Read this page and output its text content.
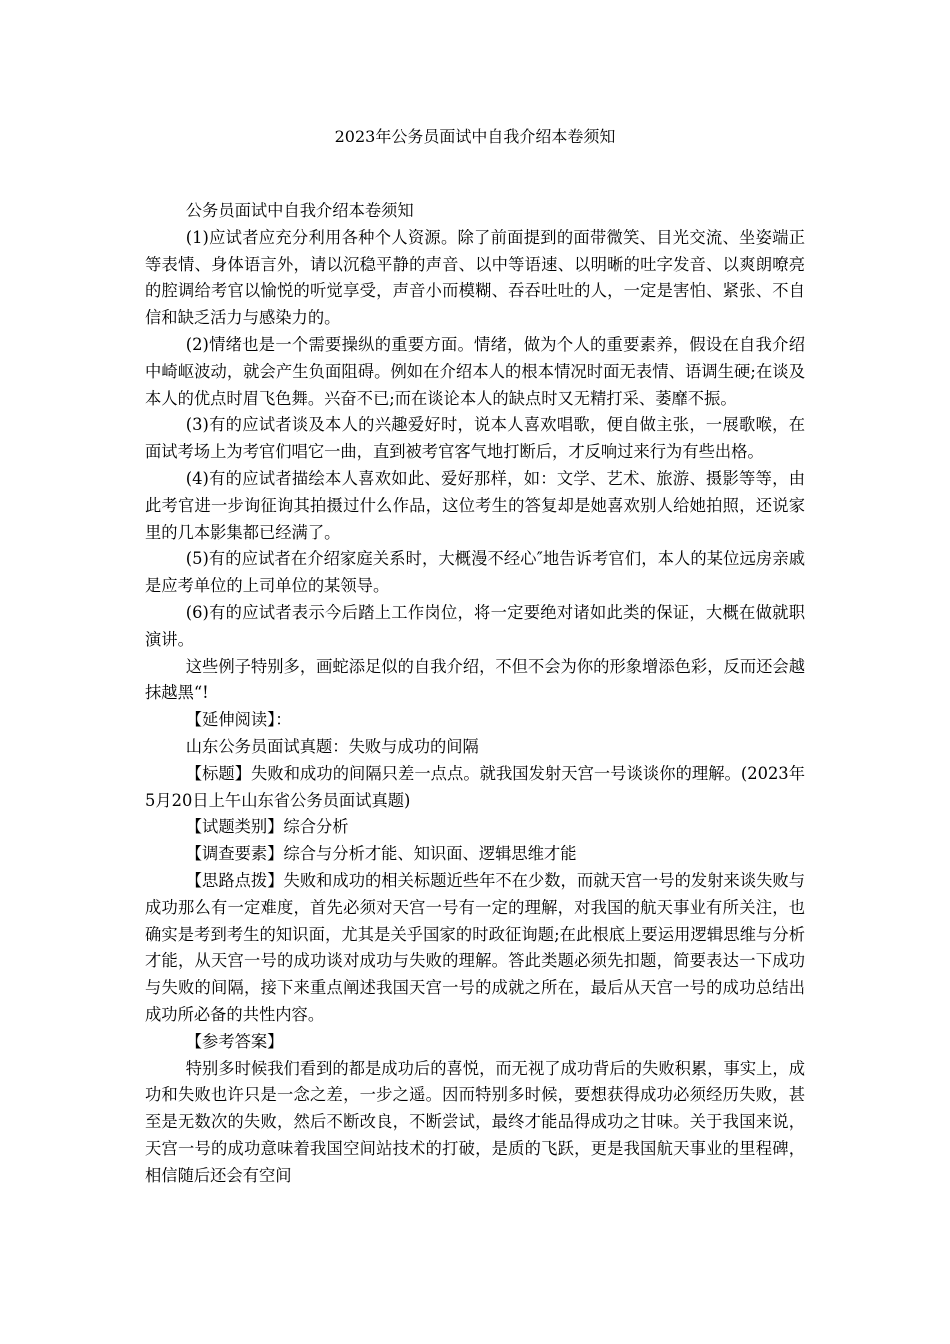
2023年公务员面试中自我介绍本卷须知

公务员面试中自我介绍本卷须知

(1)应试者应充分利用各种个人资源。除了前面提到的面带微笑、目光交流、坐姿端正等表情、身体语言外，请以沉稳平静的声音、以中等语速、以明晰的吐字发音、以爽朗嘹亮的腔调给考官以愉悦的听觉享受，声音小而模糊、吞吞吐吐的人，一定是害怕、紧张、不自信和缺乏活力与感染力的。

(2)情绪也是一个需要操纵的重要方面。情绪，做为个人的重要素养，假设在自我介绍中崎岖波动，就会产生负面阻碍。例如在介绍本人的根本情况时面无表情、语调生硬;在谈及本人的优点时眉飞色舞。兴奋不已;而在谈论本人的缺点时又无精打采、萎靡不振。

(3)有的应试者谈及本人的兴趣爱好时，说本人喜欢唱歌，便自做主张，一展歌喉，在面试考场上为考官们唱它一曲，直到被考官客气地打断后，才反响过来行为有些出格。

(4)有的应试者描绘本人喜欢如此、爱好那样，如：文学、艺术、旅游、摄影等等，由此考官进一步询征询其拍摄过什么作品，这位考生的答复却是她喜欢别人给她拍照，还说家里的几本影集都已经满了。

(5)有的应试者在介绍家庭关系时，大概漫不经心″地告诉考官们，本人的某位远房亲戚是应考单位的上司单位的某领导。

(6)有的应试者表示今后踏上工作岗位，将一定要绝对诸如此类的保证，大概在做就职演讲。

这些例子特别多，画蛇添足似的自我介绍，不但不会为你的形象增添色彩，反而还会越抹越黑“!

【延伸阅读】：

山东公务员面试真题：失败与成功的间隔

【标题】失败和成功的间隔只差一点点。就我国发射天宫一号谈谈你的理解。(2023年5月20日上午山东省公务员面试真题)

【试题类别】综合分析

【调查要素】综合与分析才能、知识面、逻辑思维才能

【思路点拨】失败和成功的相关标题近些年不在少数，而就天宫一号的发射来谈失败与成功那么有一定难度，首先必须对天宫一号有一定的理解，对我国的航天事业有所关注，也确实是考到考生的知识面，尤其是关乎国家的时政征询题;在此根底上要运用逻辑思维与分析才能，从天宫一号的成功谈对成功与失败的理解。答此类题必须先扣题，简要表达一下成功与失败的间隔，接下来重点阐述我国天宫一号的成就之所在，最后从天宫一号的成功总结出成功所必备的共性内容。

【参考答案】

特别多时候我们看到的都是成功后的喜悦，而无视了成功背后的失败积累，事实上，成功和失败也许只是一念之差，一步之遥。因而特别多时候，要想获得成功必须经历失败，甚至是无数次的失败，然后不断改良，不断尝试，最终才能品得成功之甘味。关于我国来说，天宫一号的成功意味着我国空间站技术的打破，是质的飞跃，更是我国航天事业的里程碑，相信随后还会有空间
